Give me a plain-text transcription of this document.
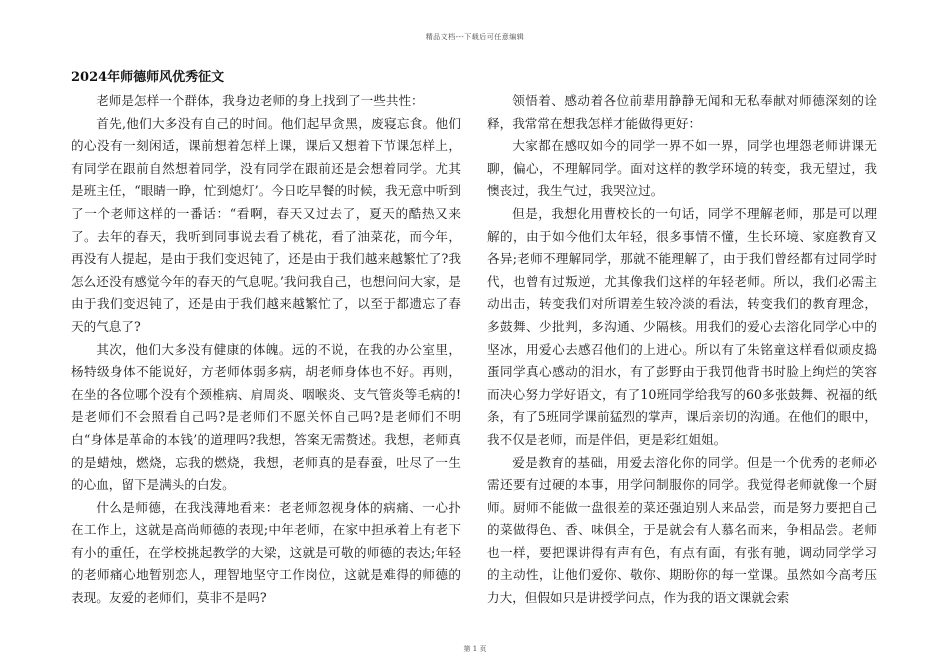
精品文档---下载后可任意编辑
2024年师德师风优秀征文

老师是怎样一个群体，我身边老师的身上找到了一些共性：

首先,他们大多没有自己的时间。他们起早贪黑，废寝忘食。他们的心没有一刻闲适，课前想着怎样上课，课后又想着下节课怎样上，有同学在跟前自然想着同学，没有同学在跟前还是会想着同学。尤其是班主任，“眼睛一睁，忙到熄灯’。今日吃早餐的时候，我无意中听到了一个老师这样的一番话：“看啊，春天又过去了，夏天的酷热又来了。去年的春天，我听到同事说去看了桃花，看了油菜花，而今年，再没有人提起，是由于我们变迟钝了，还是由于我们越来越繁忙了?我怎么还没有感觉今年的春天的气息呢。’我问我自己，也想问问大家，是由于我们变迟钝了，还是由于我们越来越繁忙了，以至于都遗忘了春天的气息了?

其次，他们大多没有健康的体魄。远的不说，在我的办公室里，杨特级身体不能说好，方老师体弱多病，胡老师身体也不好。再则，在坐的各位哪个没有个颈椎病、肩周炎、咽喉炎、支气管炎等毛病的!是老师们不会照看自己吗?是老师们不愿关怀自己吗?是老师们不明白“身体是革命的本钱’的道理吗?我想，答案无需赘述。我想，老师真的是蜡烛，燃烧，忘我的燃烧，我想，老师真的是春蚕，吐尽了一生的心血，留下是满头的白发。

什么是师德，在我浅薄地看来：老老师忽视身体的病痛、一心扑在工作上，这就是高尚师德的表现;中年老师，在家中担承着上有老下有小的重任，在学校挑起教学的大梁，这就是可敬的师德的表达;年轻的老师痛心地暂别恋人，理智地坚守工作岗位，这就是难得的师德的表现。友爱的老师们，莫非不是吗?

领悟着、感动着各位前辈用静静无闻和无私奉献对师德深刻的诠释，我常常在想我怎样才能做得更好：

大家都在感叹如今的同学一界不如一界，同学也埋怨老师讲课无聊，偏心，不理解同学。面对这样的教学环境的转变，我无望过，我懊丧过，我生气过，我哭泣过。

但是，我想化用曹校长的一句话，同学不理解老师，那是可以理解的，由于如今他们太年轻，很多事情不懂，生长环境、家庭教育又各异;老师不理解同学，那就不能理解了，由于我们曾经都有过同学时代，也曾有过叛逆，尤其像我们这样的年轻老师。所以，我们必需主动出击，转变我们对所谓差生较冷淡的看法，转变我们的教育理念，多鼓舞、少批判，多沟通、少隔核。用我们的爱心去溶化同学心中的坚冰，用爱心去感召他们的上进心。所以有了朱铭童这样看似顽皮捣蛋同学真心感动的泪水，有了彭野由于我罚他背书时脸上绚烂的笑容而决心努力学好语文，有了10班同学给我写的60多张鼓舞、祝福的纸条，有了5班同学课前猛烈的掌声，课后亲切的沟通。在他们的眼中，我不仅是老师，而是伴侣，更是彩红姐姐。

爱是教育的基础，用爱去溶化你的同学。但是一个优秀的老师必需还要有过硬的本事，用学问制服你的同学。我觉得老师就像一个厨师。厨师不能做一盘很差的菜还强迫别人来品尝，而是努力要把自己的菜做得色、香、味俱全，于是就会有人慕名而来，争相品尝。老师也一样，要把课讲得有声有色，有点有面，有张有驰，调动同学学习的主动性，让他们爱你、敬你、期盼你的每一堂课。虽然如今高考压力大，但假如只是讲授学问点，作为我的语文课就会索

第 1 页
